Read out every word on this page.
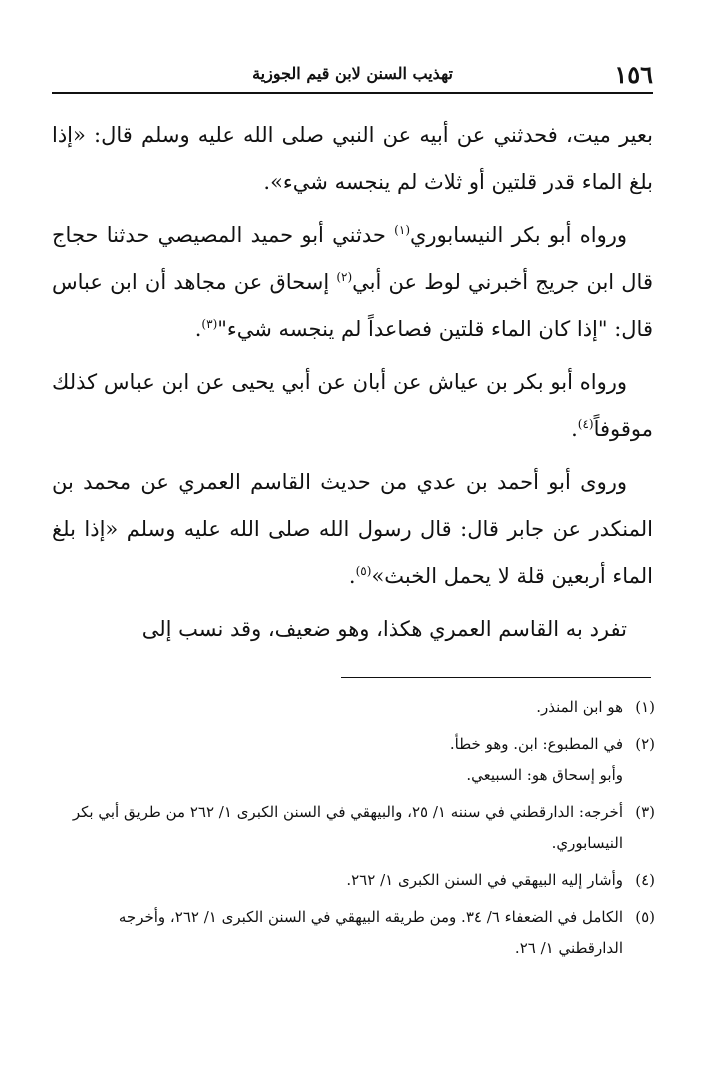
١٥٦
تهذيب السنن لابن قيم الجوزية

بعير ميت، فحدثني عن أبيه عن النبي صلى الله عليه وسلم قال: «إذا بلغ الماء قدر قلتين أو ثلاث لم ينجسه شيء».

ورواه أبو بكر النيسابوري$^{(١)}$ حدثني أبو حميد المصيصي حدثنا حجاج قال ابن جريج أخبرني لوط عن أبي$^{(٢)}$ إسحاق عن مجاهد أن ابن عباس قال: "إذا كان الماء قلتين فصاعداً لم ينجسه شيء"$^{(٣)}$.

ورواه أبو بكر بن عياش عن أبان عن أبي يحيى عن ابن عباس كذلك موقوفاً$^{(٤)}$.

وروى أبو أحمد بن عدي من حديث القاسم العمري عن محمد بن المنكدر عن جابر قال: قال رسول الله صلى الله عليه وسلم «إذا بلغ الماء أربعين قلة لا يحمل الخبث»$^{(٥)}$.

تفرد به القاسم العمري هكذا، وهو ضعيف، وقد نسب إلى

(١)
هو ابن المنذر.
(٢)
في المطبوع: ابن. وهو خطأ.
وأبو إسحاق هو: السبيعي.
(٣)
أخرجه: الدارقطني في سننه ١/ ٢٥، والبيهقي في السنن الكبرى ١/ ٢٦٢ من طريق أبي بكر النيسابوري.
(٤)
وأشار إليه البيهقي في السنن الكبرى ١/ ٢٦٢.
(٥)
الكامل في الضعفاء ٦/ ٣٤. ومن طريقه البيهقي في السنن الكبرى ١/ ٢٦٢، وأخرجه الدارقطني ١/ ٢٦.
